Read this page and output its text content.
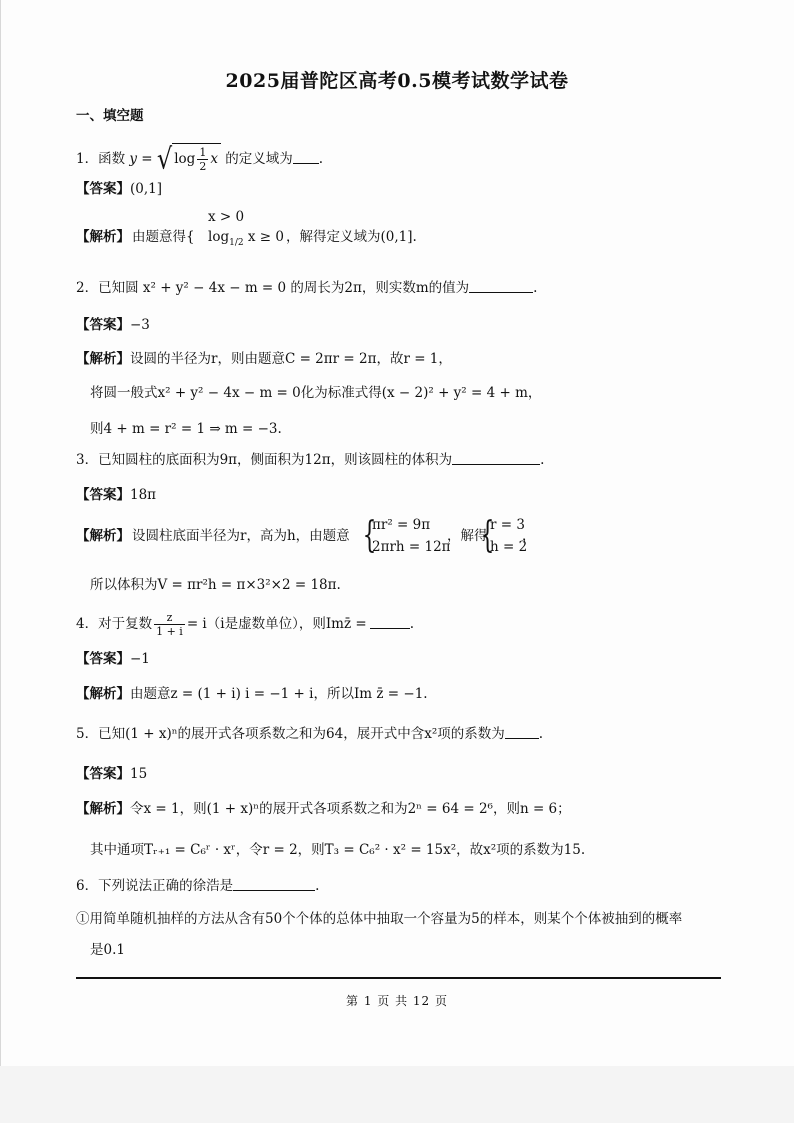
2025届普陀区高考0.5模考试数学试卷
一、填空题
1．函数 y = √ $\log \frac{1}{2}$ x 的定义域为 .
【答案】(0,1]
【解析】
x > 0
由题意得{ $\log_{1/2} x \ge 0$ ，解得定义域为(0,1].
2．已知圆 x² + y² − 4x − m = 0 的周长为2π，则实数m的值为	.
【答案】−3
【解析】设圆的半径为r，则由题意C = 2πr = 2π，故r = 1，
将圆一般式x² + y² − 4x − m = 0化为标准式得(x − 2)² + y² = 4 + m，
则4 + m = r² = 1 ⇒ m = −3.
3．已知圆柱的底面积为9π，侧面积为12π，则该圆柱的体积为	.
【答案】18π
【解析】 设圆柱底面半径为r，高为h，由题意 {
πr² = 9π
2πrh = 12π
，解得
{
r = 3
h = 2
，
所以体积为V = πr²h = π×3²×2 = 18π.
4．对于复数 $\frac{z}{1 + i} = i(i$是虚数单位），则Imz̄ =	.
【答案】−1
【解析】由题意z = (1 + i) i = −1 + i，所以Im z̄ = −1.
5．已知(1 + x)ⁿ的展开式各项系数之和为64，展开式中含x²项的系数为	.
【答案】15
【解析】令x = 1，则(1 + x)ⁿ的展开式各项系数之和为2ⁿ = 64 = 2⁶，则n = 6；
其中通项Tᵣ₊₁ = C₆ʳ · xʳ，令r = 2，则T₃ = C₆² · x² = 15x²，故x²项的系数为15.
6．下列说法正确的徐浩是	.
①用简单随机抽样的方法从含有50个个体的总体中抽取一个容量为5的样本，则某个个体被抽到的概率
是0.1
第 1 页 共 12 页
